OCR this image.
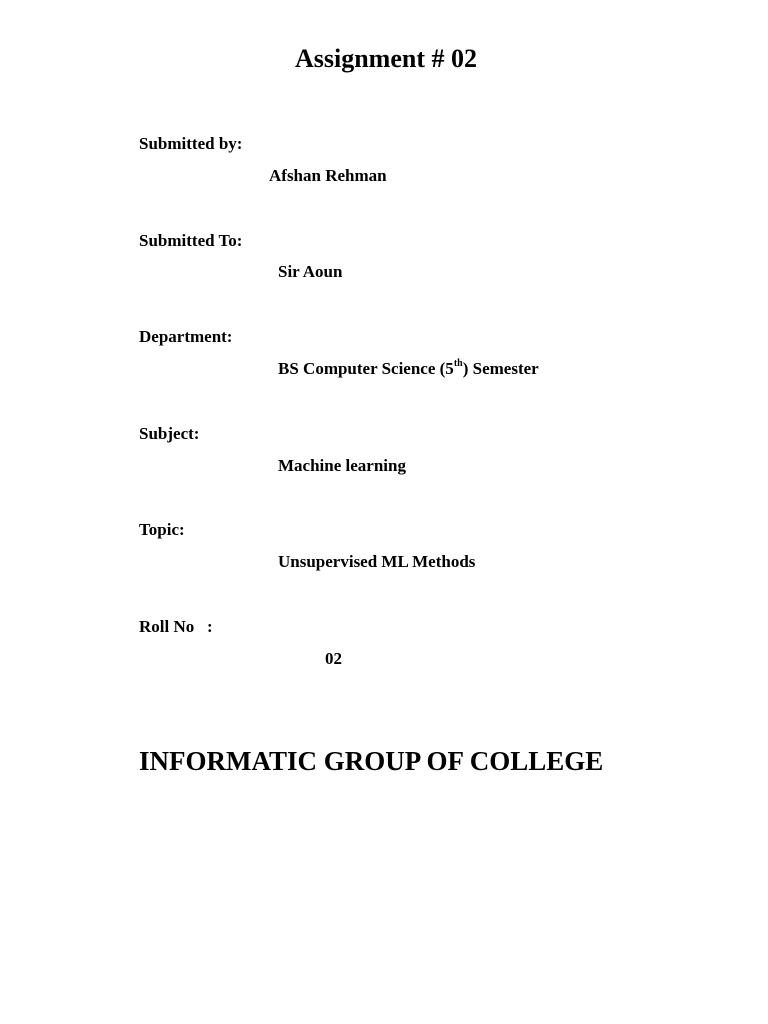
Assignment # 02

Submitted by:

Afshan Rehman

Submitted To:

Sir Aoun

Department:

BS Computer Science (5th) Semester

Subject:

Machine learning

Topic:

Unsupervised ML Methods

Roll No   :

02

INFORMATIC GROUP OF COLLEGE
